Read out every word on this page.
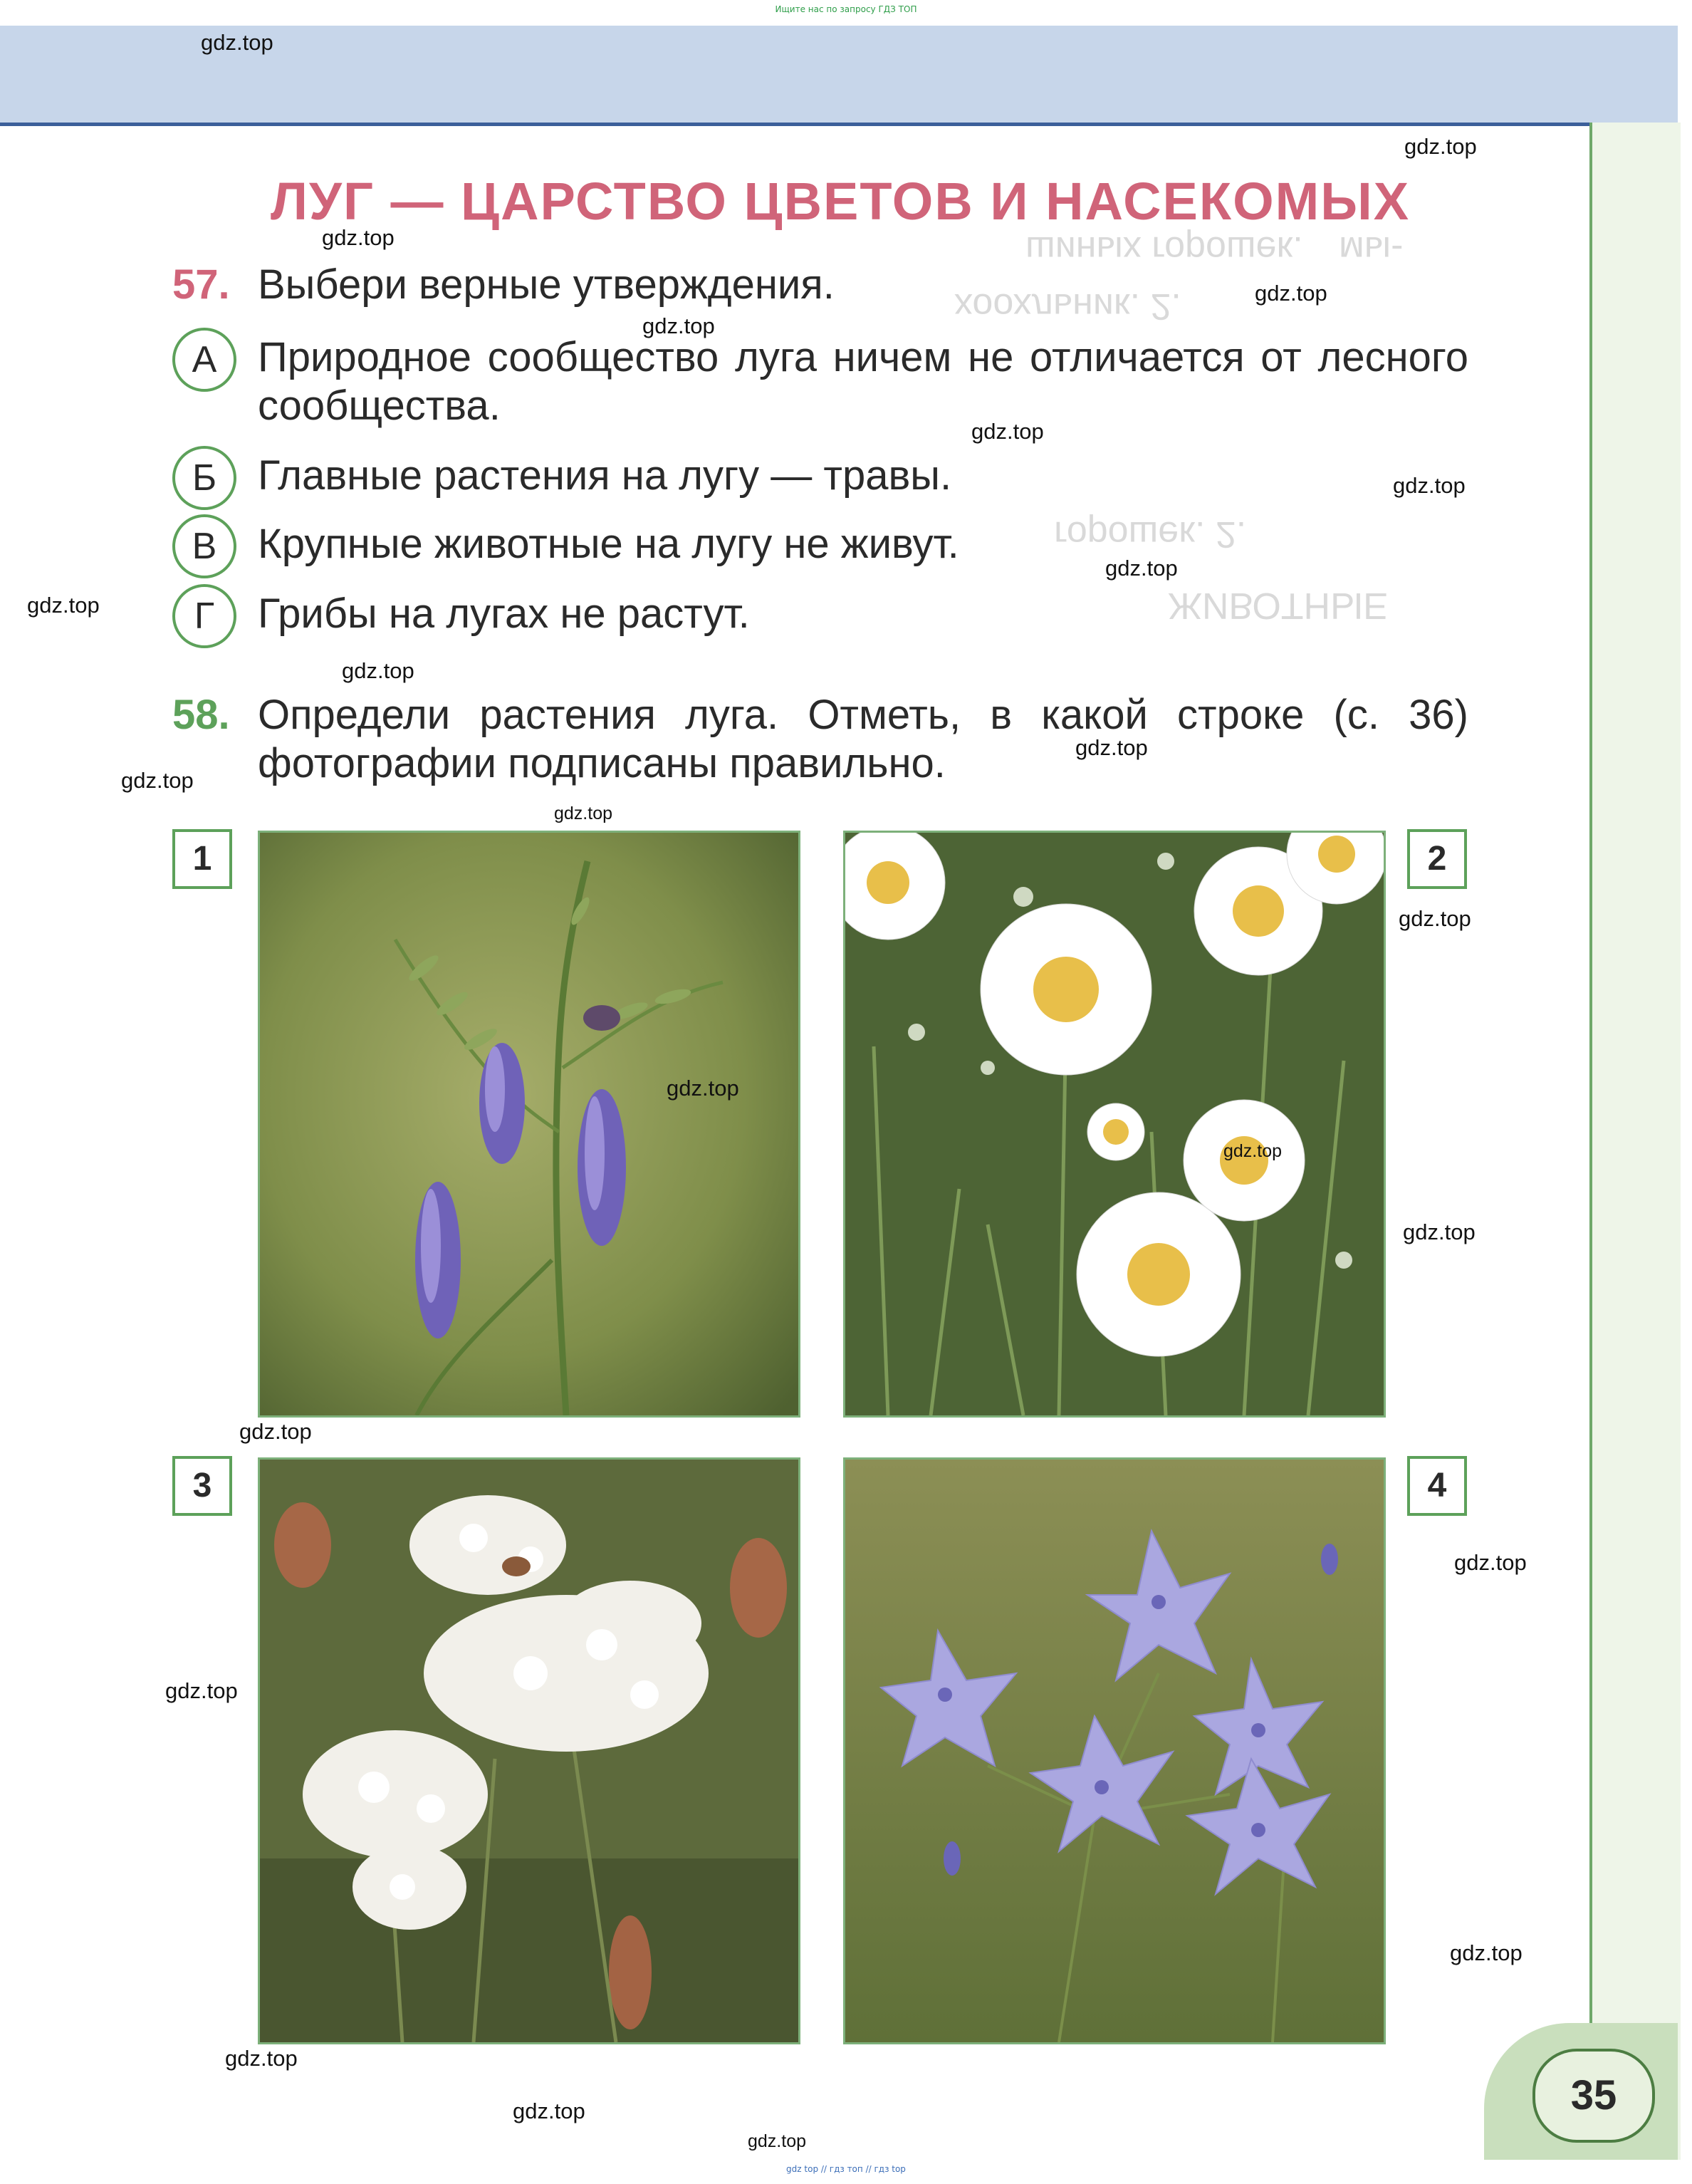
Ищите нас по запросу ГДЗ ТОП
мы-
шиных горошек.
хоохльник. 2.
горошек. 2.
ЖИВОТНЫЕ
ЛУГ — ЦАРСТВО ЦВЕТОВ И НАСЕКОМЫХ
57. Выбери верные утверждения.

А Природное сообщество луга ничем не отличается от лесного сообщества.

Б Главные растения на лугу — травы.

В Крупные животные на лугу не живут.

Г	Грибы на лугах не растут.

58. Определи растения луга. Отметь, в какой строке (с. 36)

фотографии подписаны правильно.

1	2
3	4
gdz.top
gdz.top
gdz.top
gdz.top
gdz.top
gdz.top
gdz.top
gdz.top
gdz.top
gdz.top
gdz.top
gdz.top
gdz.top
gdz.top
gdz.top
gdz.top
gdz.top
gdz.top
gdz.top
gdz.top
gdz.top
gdz.top
gdz.top
gdz.top
35
gdz top // гдз топ // гдз top
